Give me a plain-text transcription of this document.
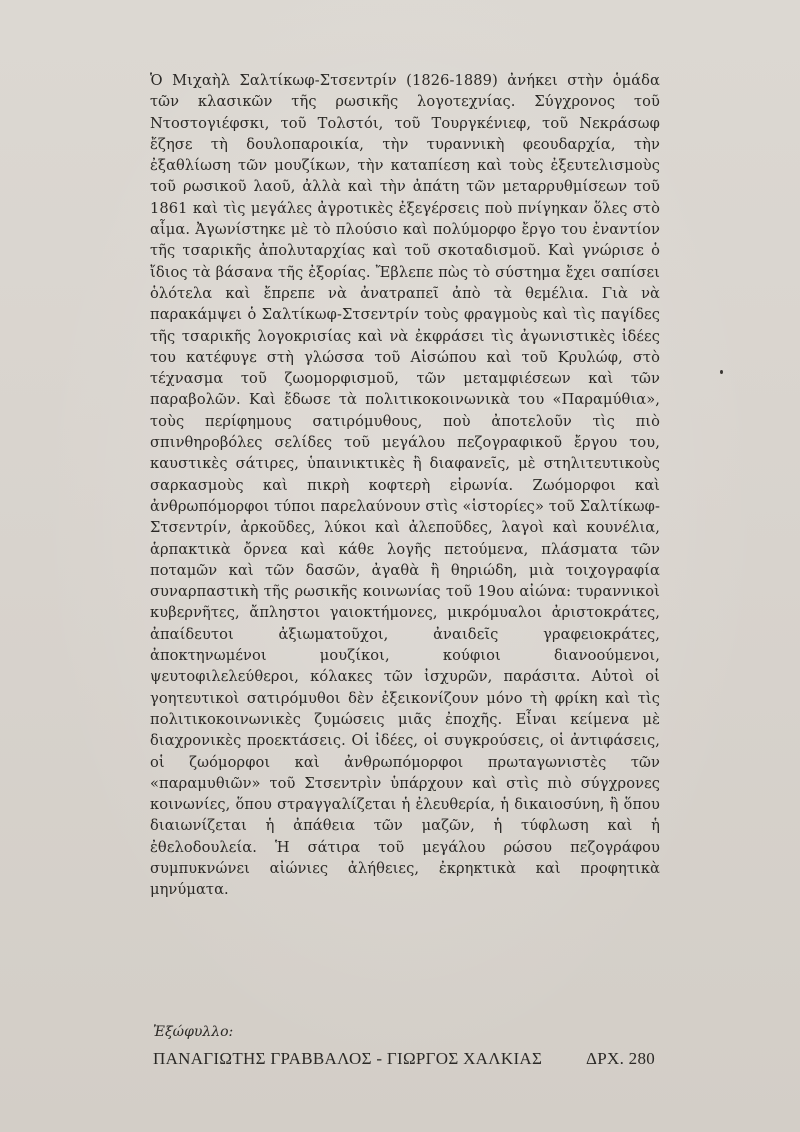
Ὁ Μιχαὴλ Σαλτίκωφ-Στσεντρίν (1826-1889) ἀνήκει στὴν ὁμάδα τῶν κλασικῶν τῆς ρωσικῆς λογοτεχνίας. Σύγχρονος τοῦ Ντοστογιέφσκι, τοῦ Τολστόι, τοῦ Τουργκένιεφ, τοῦ Νεκράσωφ ἔζησε τὴ δουλοπαροικία, τὴν τυραννικὴ φεουδαρχία, τὴν ἐξαθλίωση τῶν μουζίκων, τὴν καταπίεση καὶ τοὺς ἐξευτελισμοὺς τοῦ ρωσικοῦ λαοῦ, ἀλλὰ καὶ τὴν ἀπάτη τῶν μεταρρυθμίσεων τοῦ 1861 καὶ τὶς μεγάλες ἀγροτικὲς ἐξεγέρσεις ποὺ πνίγηκαν ὅλες στὸ αἷμα. Ἀγωνίστηκε μὲ τὸ πλούσιο καὶ πολύμορφο ἔργο του ἐναντίον τῆς τσαρικῆς ἀπολυταρχίας καὶ τοῦ σκοταδισμοῦ. Καὶ γνώρισε ὁ ἴδιος τὰ βάσανα τῆς ἐξορίας. Ἔβλεπε πὼς τὸ σύστημα ἔχει σαπίσει ὁλότελα καὶ ἔπρεπε νὰ ἀνατραπεῖ ἀπὸ τὰ θεμέλια. Γιὰ νὰ παρακάμψει ὁ Σαλτίκωφ-Στσεντρίν τοὺς φραγμοὺς καὶ τὶς παγίδες τῆς τσαρικῆς λογοκρισίας καὶ νὰ ἐκφράσει τὶς ἀγωνιστικὲς ἰδέες του κατέφυγε στὴ γλώσσα τοῦ Αἰσώπου καὶ τοῦ Κρυλώφ, στὸ τέχνασμα τοῦ ζωομορφισμοῦ, τῶν μεταμφιέσεων καὶ τῶν παραβολῶν. Καὶ ἔδωσε τὰ πολιτικοκοινωνικὰ του «Παραμύθια», τοὺς περίφημους σατιρόμυθους, ποὺ ἀποτελοῦν τὶς πιὸ σπινθηροβόλες σελίδες τοῦ μεγάλου πεζογραφικοῦ ἔργου του, καυστικὲς σάτιρες, ὑπαινικτικὲς ἢ διαφανεῖς, μὲ στηλιτευτικοὺς σαρκασμοὺς καὶ πικρὴ κοφτερὴ εἰρωνία. Ζωόμορφοι καὶ ἀνθρωπόμορφοι τύποι παρελαύνουν στὶς «ἱστορίες» τοῦ Σαλτίκωφ-Στσεντρίν, ἀρκοῦδες, λύκοι καὶ ἀλεποῦδες, λαγοὶ καὶ κουνέλια, ἁρπακτικὰ ὄρνεα καὶ κάθε λογῆς πετούμενα, πλάσματα τῶν ποταμῶν καὶ τῶν δασῶν, ἀγαθὰ ἢ θηριώδη, μιὰ τοιχογραφία συναρπαστικὴ τῆς ρωσικῆς κοινωνίας τοῦ 19ου αἰώνα: τυραννικοὶ κυβερνῆτες, ἄπληστοι γαιοκτήμονες, μικρόμυαλοι ἀριστοκράτες, ἀπαίδευτοι ἀξιωματοῦχοι, ἀναιδεῖς γραφειοκράτες, ἀποκτηνωμένοι μουζίκοι, κούφιοι διανοούμενοι, ψευτοφιλελεύθεροι, κόλακες τῶν ἰσχυρῶν, παράσιτα. Αὐτοὶ οἱ γοητευτικοὶ σατιρόμυθοι δὲν ἐξεικονίζουν μόνο τὴ φρίκη καὶ τὶς πολιτικοκοινωνικὲς ζυμώσεις μιᾶς ἐποχῆς. Εἶναι κείμενα μὲ διαχρονικὲς προεκτάσεις. Οἱ ἰδέες, οἱ συγκρούσεις, οἱ ἀντιφάσεις, οἱ ζωόμορφοι καὶ ἀνθρωπόμορφοι πρωταγωνιστὲς τῶν «παραμυθιῶν» τοῦ Στσεντρὶν ὑπάρχουν καὶ στὶς πιὸ σύγχρονες κοινωνίες, ὅπου στραγγαλίζεται ἡ ἐλευθερία, ἡ δικαιοσύνη, ἢ ὅπου διαιωνίζεται ἡ ἀπάθεια τῶν μαζῶν, ἡ τύφλωση καὶ ἡ ἐθελοδουλεία. Ἡ σάτιρα τοῦ μεγάλου ρώσου πεζογράφου συμπυκνώνει αἰώνιες ἀλήθειες, ἐκρηκτικὰ καὶ προφητικὰ μηνύματα.

Ἐξώφυλλο:

ΠΑΝΑΓΙΩΤΗΣ ΓΡΑΒΒΑΛΟΣ - ΓΙΩΡΓΟΣ ΧΑΛΚΙΑΣ	ΔΡΧ. 280
